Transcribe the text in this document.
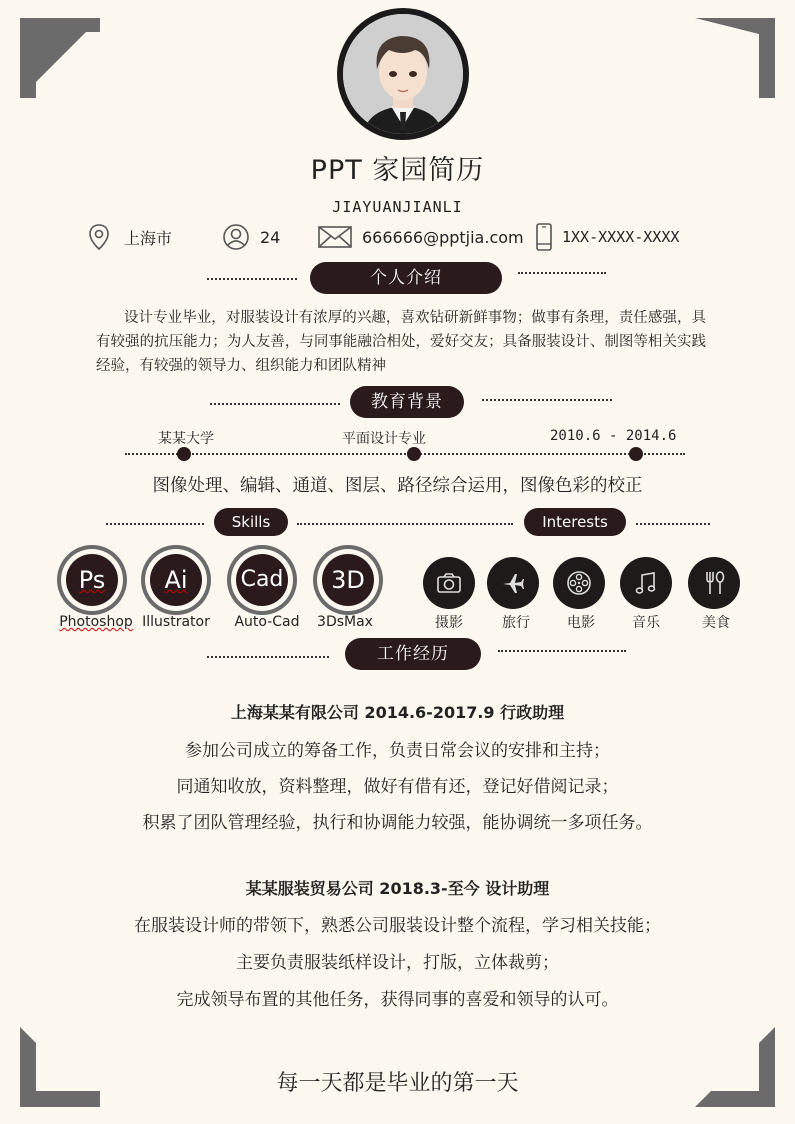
PPT 家园简历
JIAYUANJIANLI
上海市	24	666666@pptjia.com	1XX-XXXX-XXXX
个人介绍
设计专业毕业，对服装设计有浓厚的兴趣，喜欢钻研新鲜事物；做事有条理，责任感强，具有较强的抗压能力；为人友善，与同事能融洽相处，爱好交友；具备服装设计、制图等相关实践经验，有较强的领导力、组织能力和团队精神
教育背景
某某大学	平面设计专业	2010.6 - 2014.6
图像处理、编辑、通道、图层、路径综合运用，图像色彩的校正
Skills	Interests
Ps
Photoshop
Ai
Illustrator
Cad
Auto-Cad
3D
3DsMax	摄影	旅行	电影	音乐	美食
工作经历
上海某某有限公司 2014.6-2017.9 行政助理
参加公司成立的筹备工作，负责日常会议的安排和主持；
同通知收放，资料整理，做好有借有还，登记好借阅记录；
积累了团队管理经验，执行和协调能力较强，能协调统一多项任务。
某某服装贸易公司 2018.3-至今 设计助理
在服装设计师的带领下，熟悉公司服装设计整个流程，学习相关技能；
主要负责服装纸样设计，打版，立体裁剪；
完成领导布置的其他任务，获得同事的喜爱和领导的认可。
每一天都是毕业的第一天
